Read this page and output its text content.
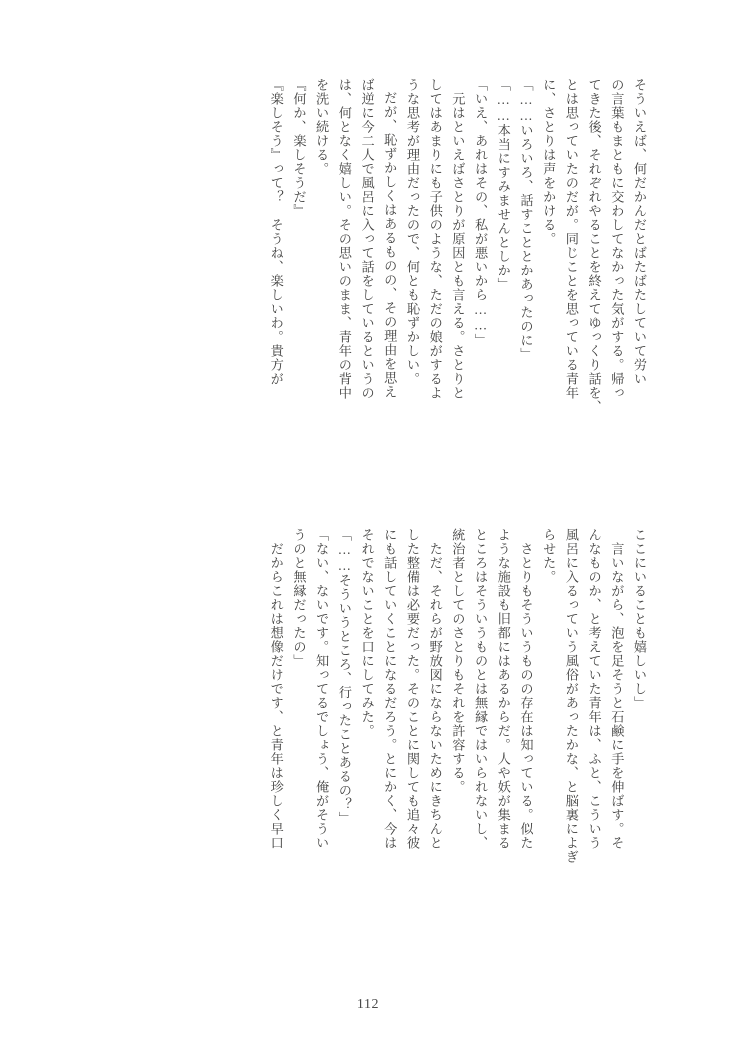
そういえば、何だかんだとばたばたしていて労い

の言葉もまともに交わしてなかった気がする。帰っ

てきた後、それぞれやることを終えてゆっくり話を、

とは思っていたのだが。同じことを思っている青年

に、さとりは声をかける。

「……いろいろ、話すこととかあったのに」

「……本当にすみませんとしか」

「いえ、あれはその、私が悪いから……」

　元はといえばさとりが原因とも言える。さとりと

してはあまりにも子供のような、ただの娘がするよ

うな思考が理由だったので、何とも恥ずかしい。

だが、恥ずかしくはあるものの、その理由を思え

ば逆に今二人で風呂に入って話をしているというの

は、何となく嬉しい。その思いのまま、青年の背中

を洗い続ける。

『何か、楽しそうだ』

『楽しそう』って？　そうね、楽しいわ。貴方が

ここにいることも嬉しいし」

　言いながら、泡を足そうと石鹸に手を伸ばす。そ

んなものか、と考えていた青年は、ふと、こういう

風呂に入るっていう風俗があったかな、と脳裏によぎ

らせた。

　さとりもそういうものの存在は知っている。似た

ような施設も旧都にはあるからだ。人や妖が集まる

ところはそういうものとは無縁ではいられないし、

統治者としてのさとりもそれを許容する。

　ただ、それらが野放図にならないためにきちんと

した整備は必要だった。そのことに関しても追々彼

にも話していくことになるだろう。とにかく、今は

それでないことを口にしてみた。

「……そういうところ、行ったことあるの？」

「ない、ないです。知ってるでしょう、俺がそうい

うのと無縁だったの」

　だからこれは想像だけです、と青年は珍しく早口

112
